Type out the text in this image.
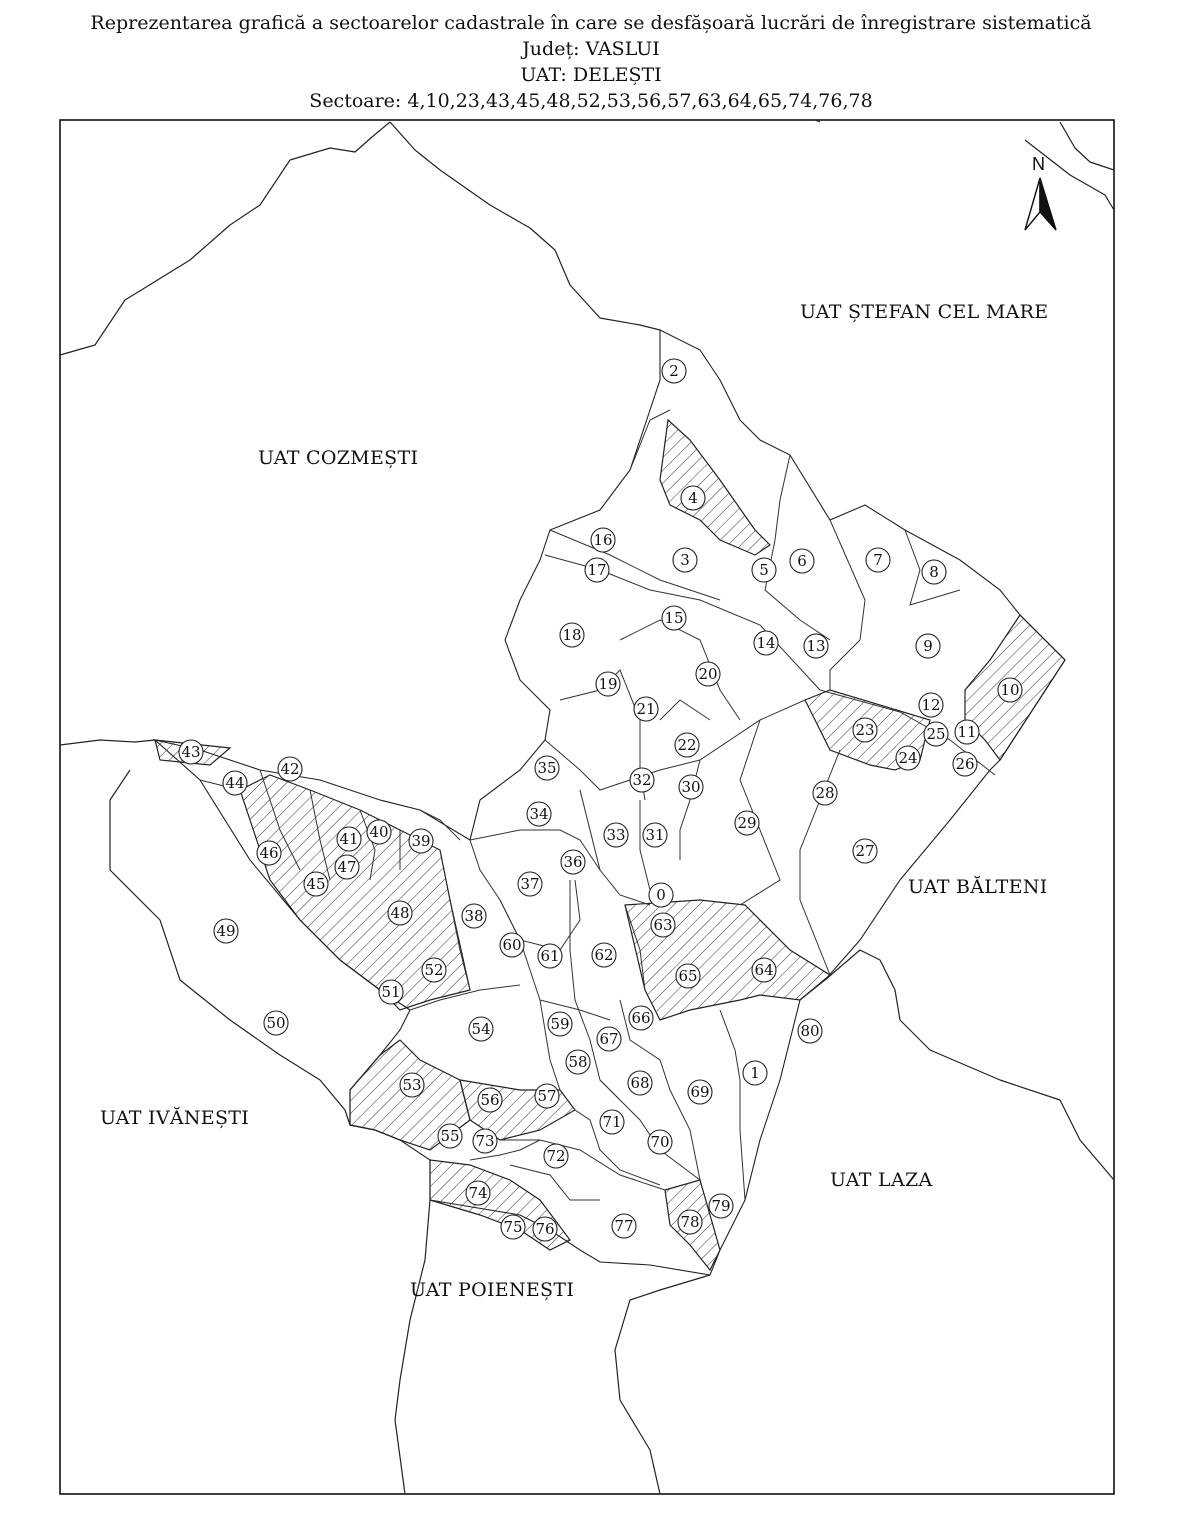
Reprezentarea grafică a sectoarelor cadastrale în care se desfășoară lucrări de înregistrare sistematică
Județ: VASLUI
UAT: DELEȘTI
Sectoare: 4,10,23,43,45,48,52,53,56,57,63,64,65,74,76,78
0
1
2
3
4
5 6	7
8
9
10
11
12
13
14
15
16
17
18
19
20
21
22
23
24
25
26
27
28
29
30
31
32
33
34
35
36
37
38
39
40
41
42
43
44
45
46
47
48
49
50
51
52
53
54
55
56	57
58
59
60
61 62
63
64
65
66
67
68	69
70
71
72
73
74
75 76	77	78
79
80
UAT ȘTEFAN CEL MARE
UAT COZMEȘTI
UAT BĂLTENI
UAT IVĂNEȘTI
UAT LAZA
UAT POIENEȘTI
N
